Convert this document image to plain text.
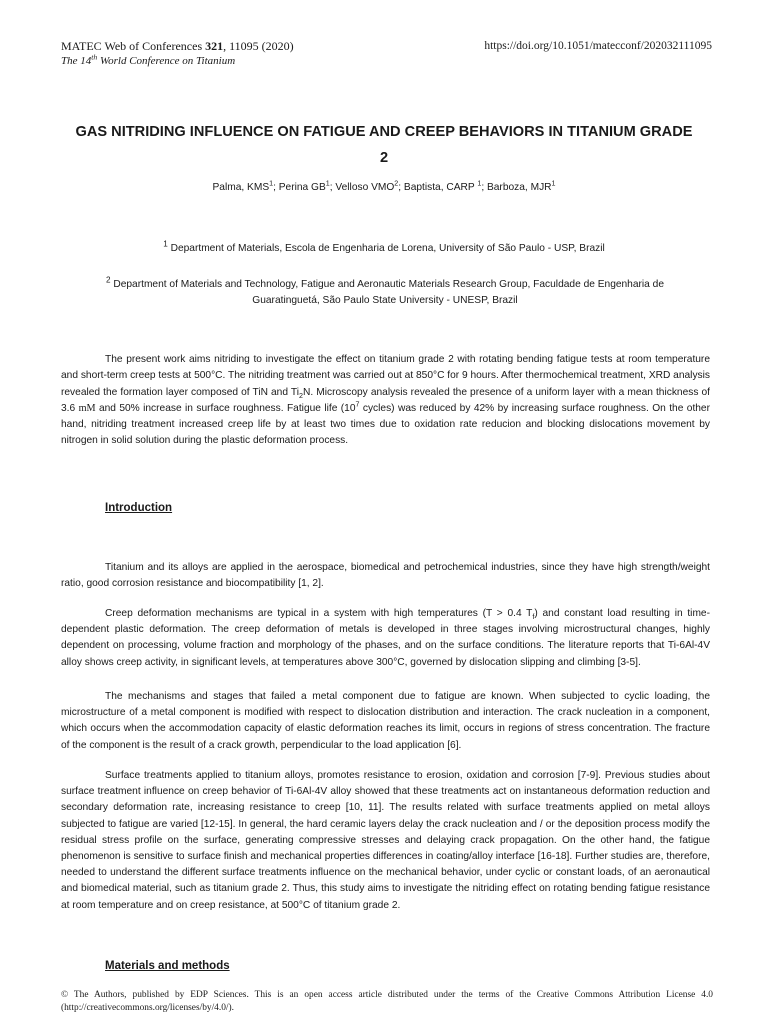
MATEC Web of Conferences 321, 11095 (2020)
The 14th World Conference on Titanium
https://doi.org/10.1051/matecconf/202032111095
GAS NITRIDING INFLUENCE ON FATIGUE AND CREEP BEHAVIORS IN TITANIUM GRADE 2
Palma, KMS$^1$; Perina $GB^1$; Velloso VMO$^2$; Baptista, CARP $^1$; Barboza, MJR$^1$
$^1$ Department of Materials, Escola de Engenharia de Lorena, University of São Paulo - USP, Brazil
$^2$ Department of Materials and Technology, Fatigue and Aeronautic Materials Research Group, Faculdade de Engenharia de Guaratinguetá, São Paulo State University - UNESP, Brazil

The present work aims nitriding to investigate the effect on titanium grade 2 with rotating bending fatigue tests at room temperature and short-term creep tests at 500°C. The nitriding treatment was carried out at 850°C for 9 hours. After thermochemical treatment, XRD analysis revealed the formation layer composed of TiN and $Ti_2N$. Microscopy analysis revealed the presence of a uniform layer with a mean thickness of 3.6 mM and 50% increase in surface roughness. Fatigue life ($10^7$ cycles) was reduced by 42% by increasing surface roughness. On the other hand, nitriding treatment increased creep life by at least two times due to oxidation rate reducion and blocking dislocations movement by nitrogen in solid solution during the plastic deformation process.

Introduction

Titanium and its alloys are applied in the aerospace, biomedical and petrochemical industries, since they have high strength/weight ratio, good corrosion resistance and biocompatibility [1, 2].

Creep deformation mechanisms are typical in a system with high temperatures (T > 0.4 $T_f$) and constant load resulting in time-dependent plastic deformation. The creep deformation of metals is developed in three stages involving microstructural changes, highly dependent on processing, volume fraction and morphology of the phases, and on the surface conditions. The literature reports that Ti-6Al-4V alloy shows creep activity, in significant levels, at temperatures above 300°C, governed by dislocation slipping and climbing [3-5].

The mechanisms and stages that failed a metal component due to fatigue are known. When subjected to cyclic loading, the microstructure of a metal component is modified with respect to dislocation distribution and interaction. The crack nucleation in a component, which occurs when the accommodation capacity of elastic deformation reaches its limit, occurs in regions of stress concentration. The fracture of the component is the result of a crack growth, perpendicular to the load application [6].

Surface treatments applied to titanium alloys, promotes resistance to erosion, oxidation and corrosion [7-9]. Previous studies about surface treatment influence on creep behavior of Ti-6Al-4V alloy showed that these treatments act on instantaneous deformation reduction and secondary deformation rate, increasing resistance to creep [10, 11]. The results related with surface treatments applied on metal alloys subjected to fatigue are varied [12-15]. In general, the hard ceramic layers delay the crack nucleation and / or the deposition process modify the residual stress profile on the surface, generating compressive stresses and delaying crack propagation. On the other hand, the fatigue phenomenon is sensitive to surface finish and mechanical properties differences in coating/alloy interface [16-18]. Further studies are, therefore, needed to understand the different surface treatments influence on the mechanical behavior, under cyclic or constant loads, of an aeronautical and biomedical material, such as titanium grade 2. Thus, this study aims to investigate the nitriding effect on rotating bending fatigue resistance at room temperature and on creep resistance, at 500°C of titanium grade 2.

Materials and methods
© The Authors, published by EDP Sciences. This is an open access article distributed under the terms of the Creative Commons Attribution License 4.0 (http://creativecommons.org/licenses/by/4.0/).
